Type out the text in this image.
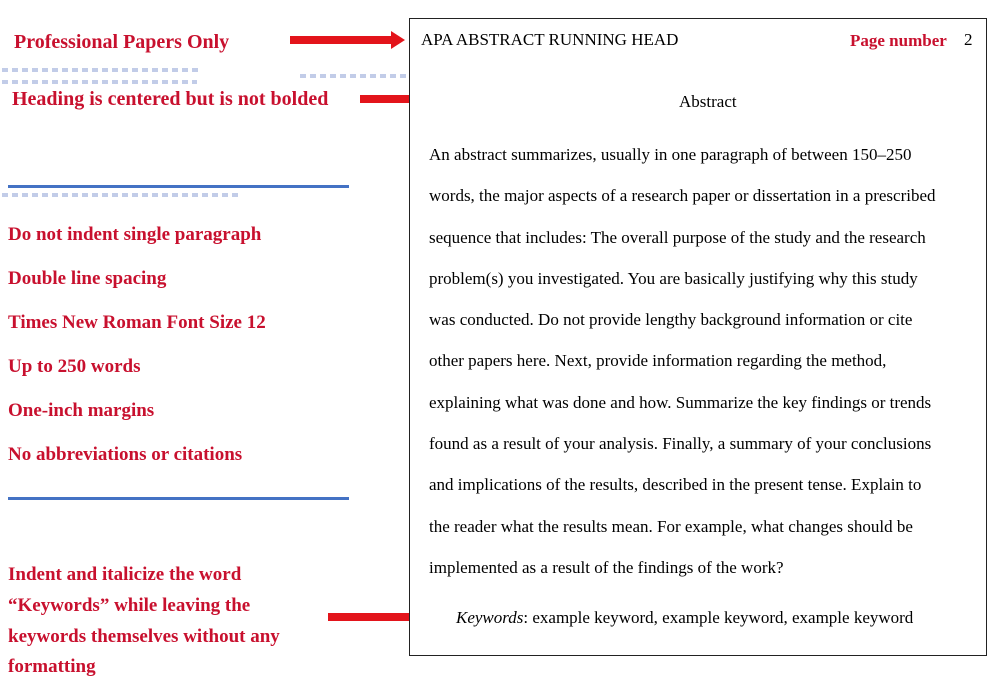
Professional Papers Only
Heading is centered but is not bolded
Do not indent single paragraph
Double line spacing
Times New Roman Font Size 12
Up to 250 words
One-inch margins
No abbreviations or citations
Indent and italicize the word
“Keywords” while leaving the
keywords themselves without any
formatting
APA ABSTRACT RUNNING HEAD	Page number 2
Abstract
An abstract summarizes, usually in one paragraph of between 150–250
words, the major aspects of a research paper or dissertation in a prescribed
sequence that includes: The overall purpose of the study and the research
problem(s) you investigated. You are basically justifying why this study
was conducted. Do not provide lengthy background information or cite
other papers here. Next, provide information regarding the method,
explaining what was done and how. Summarize the key findings or trends
found as a result of your analysis. Finally, a summary of your conclusions
and implications of the results, described in the present tense. Explain to
the reader what the results mean. For example, what changes should be
implemented as a result of the findings of the work?
Keywords: example keyword, example keyword, example keyword
